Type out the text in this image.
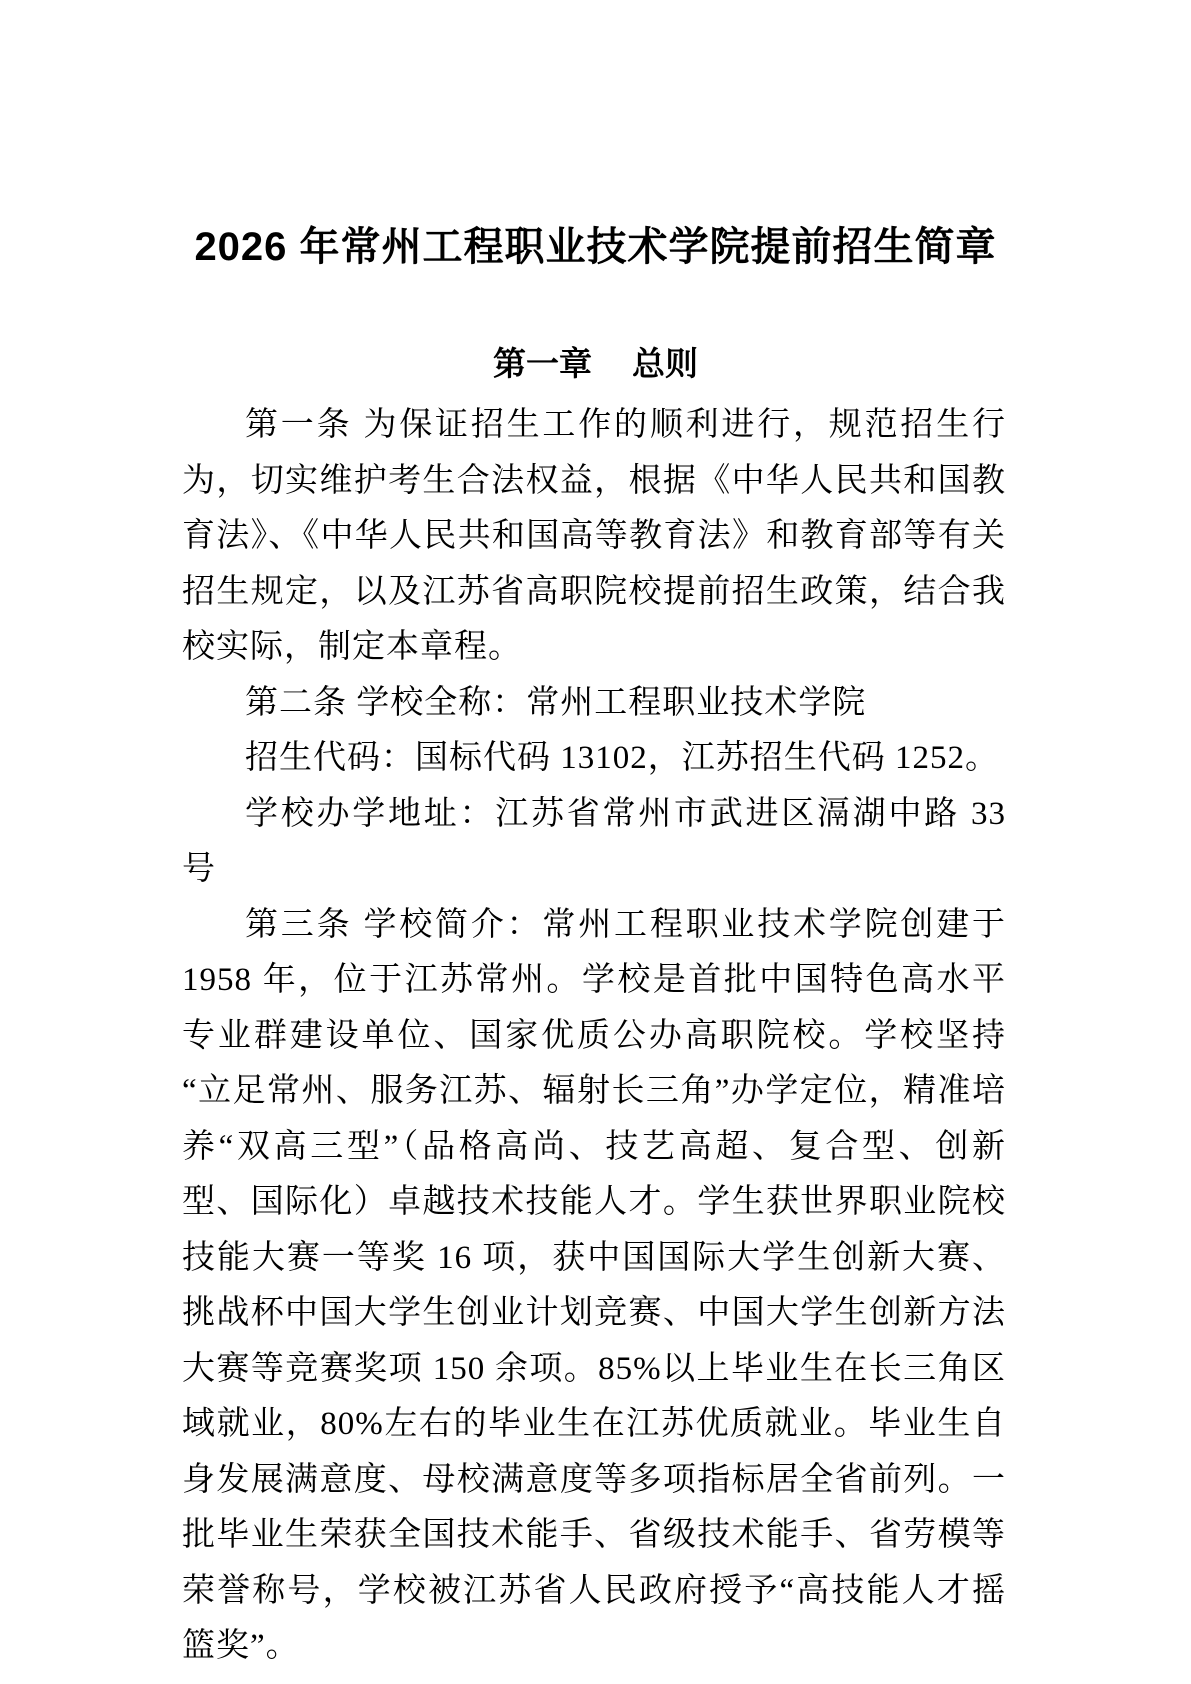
2026 年常州工程职业技术学院提前招生简章
第一章 总则

第一条 为保证招生工作的顺利进行，规范招生行为，切实维护考生合法权益，根据《中华人民共和国教育法》、《中华人民共和国高等教育法》和教育部等有关招生规定，以及江苏省高职院校提前招生政策，结合我校实际，制定本章程。

第二条 学校全称：常州工程职业技术学院

招生代码：国标代码 13102，江苏招生代码 1252。

学校办学地址：江苏省常州市武进区滆湖中路 33 号

第三条 学校简介：常州工程职业技术学院创建于 1958 年，位于江苏常州。学校是首批中国特色高水平专业群建设单位、国家优质公办高职院校。学校坚持“立足常州、服务江苏、辐射长三角”办学定位，精准培养“双高三型”（品格高尚、技艺高超、复合型、创新型、国际化）卓越技术技能人才。学生获世界职业院校技能大赛一等奖 16 项，获中国国际大学生创新大赛、挑战杯中国大学生创业计划竞赛、中国大学生创新方法大赛等竞赛奖项 150 余项。85%以上毕业生在长三角区域就业，80%左右的毕业生在江苏优质就业。毕业生自身发展满意度、母校满意度等多项指标居全省前列。一批毕业生荣获全国技术能手、省级技术能手、省劳模等荣誉称号，学校被江苏省人民政府授予“高技能人才摇篮奖”。
